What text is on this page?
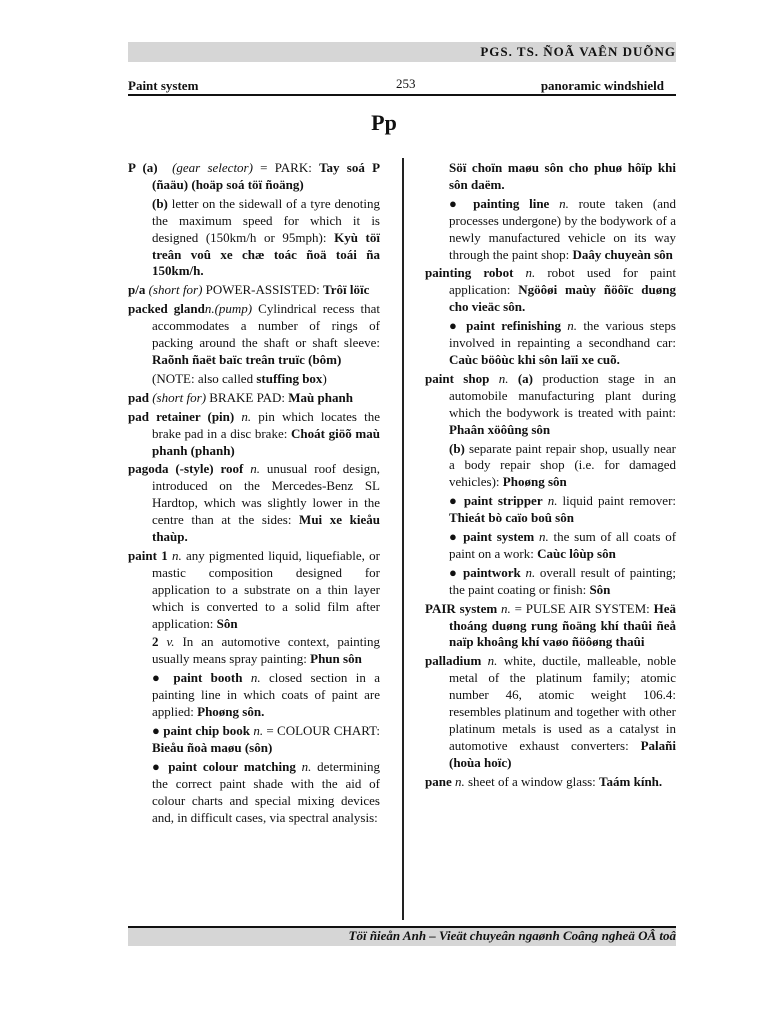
PGS. TS. ÑOÃ VAÊN DUÕNG
Paint system	253	panoramic windshield
Pp

P (a) (gear selector) = PARK: Tay soá P (ñaäu) (hoäp soá töï ñoäng)

(b) letter on the sidewall of a tyre denoting the maximum speed for which it is designed (150km/h or 95mph): Kyù töï treân voû xe chæ toác ñoä toái ña 150km/h.

p/a (short for) POWER-ASSISTED: Trôï löïc

packed glandn.(pump) Cylindrical recess that accommodates a number of rings of packing around the shaft or shaft sleeve: Raõnh ñaët baïc treân truïc (bôm)

(NOTE: also called stuffing box)

pad (short for) BRAKE PAD: Maù phanh

pad retainer (pin) n. pin which locates the brake pad in a disc brake: Choát giöõ maù phanh (phanh)

pagoda (-style) roof n. unusual roof design, introduced on the Mercedes-Benz SL Hardtop, which was slightly lower in the centre than at the sides: Mui xe kieåu thaùp.

paint 1 n. any pigmented liquid, liquefiable, or mastic composition designed for application to a substrate on a thin layer which is converted to a solid film after application: Sôn

2 v. In an automotive context, painting usually means spray painting: Phun sôn

● paint booth n. closed section in a painting line in which coats of paint are applied: Phoøng sôn.

● paint chip book n. = COLOUR CHART: Bieåu ñoà maøu (sôn)

● paint colour matching n. determining the correct paint shade with the aid of colour charts and special mixing devices and, in difficult cases, via spectral analysis:

Söï choïn maøu sôn cho phuø hôïp khi sôn daëm.

● painting line n. route taken (and processes undergone) by the bodywork of a newly manufactured vehicle on its way through the paint shop: Daây chuyeàn sôn

painting robot n. robot used for paint application: Ngöôøi maùy ñöôïc duøng cho vieäc sôn.

● paint refinishing n. the various steps involved in repainting a secondhand car: Caùc böôùc khi sôn laïi xe cuõ.

paint shop n. (a) production stage in an automobile manufacturing plant during which the bodywork is treated with paint: Phaân xöôûng sôn

(b) separate paint repair shop, usually near a body repair shop (i.e. for damaged vehicles): Phoøng sôn

● paint stripper n. liquid paint remover: Thieát bò caïo boû sôn

● paint system n. the sum of all coats of paint on a work: Caùc lôùp sôn

● paintwork n. overall result of painting; the paint coating or finish: Sôn

PAIR system n. = PULSE AIR SYSTEM: Heä thoáng duøng rung ñoäng khí thaûi ñeå naïp khoâng khí vaøo ñöôøng thaûi

palladium n. white, ductile, malleable, noble metal of the platinum family; atomic number 46, atomic weight 106.4: resembles platinum and together with other platinum metals is used as a catalyst in automotive exhaust converters: Palañi (hoùa hoïc)

pane n. sheet of a window glass: Taám kính.

Töï ñieån Anh – Vieät chuyeân ngaønh Coâng ngheä OÂ toâ
